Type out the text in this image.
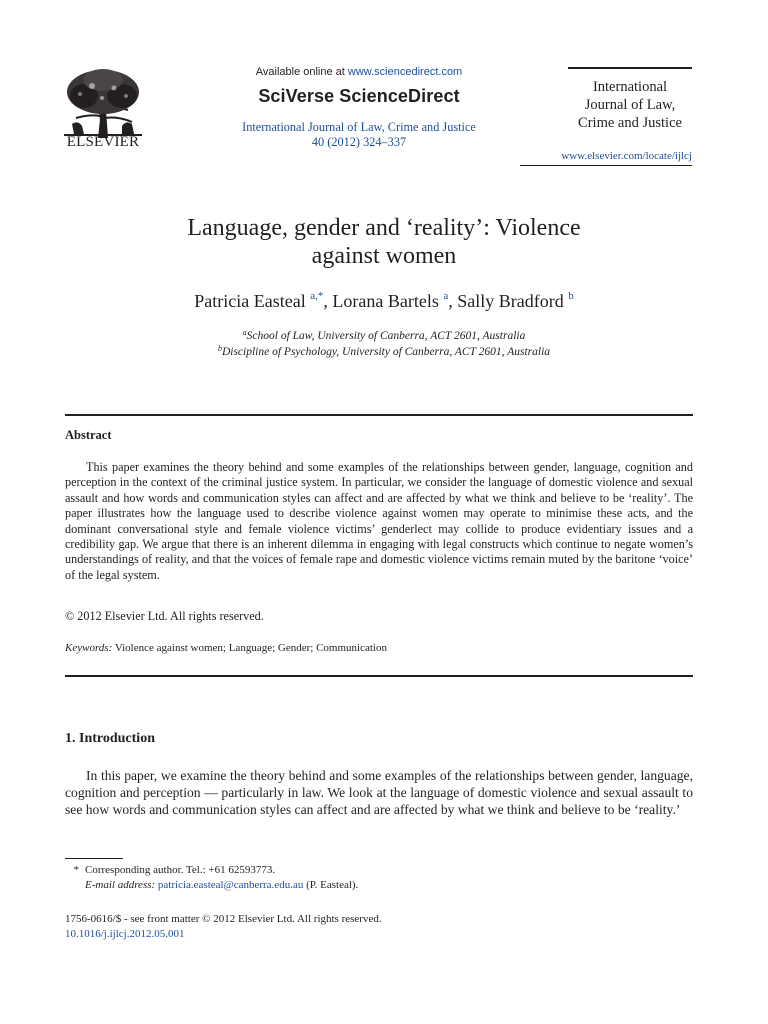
ELSEVIER
Available online at www.sciencedirect.com
SciVerse ScienceDirect
International Journal of Law, Crime and Justice
40 (2012) 324–337
International
Journal of Law,
Crime and Justice
www.elsevier.com/locate/ijlcj
Language, gender and ‘reality’: Violence
against women
Patricia Easteal $^{a,*}$, Lorana Bartels $^a$, Sally Bradford $^b$
$^a$School of Law, University of Canberra, ACT 2601, Australia
$^b$Discipline of Psychology, University of Canberra, ACT 2601, Australia
Abstract
This paper examines the theory behind and some examples of the relationships between gender, language, cognition and perception in the context of the criminal justice system. In particular, we consider the language of domestic violence and sexual assault and how words and communication styles can affect and are affected by what we think and believe to be ‘reality’. The paper illustrates how the language used to describe violence against women may operate to minimise these acts, and the dominant conversational style and female violence victims’ genderlect may collide to produce evidentiary issues and a credibility gap. We argue that there is an inherent dilemma in engaging with legal constructs which continue to negate women’s understandings of reality, and that the voices of female rape and domestic violence victims remain muted by the baritone ‘voice’ of the legal system.
© 2012 Elsevier Ltd. All rights reserved.
Keywords: Violence against women; Language; Gender; Communication
1. Introduction
In this paper, we examine the theory behind and some examples of the relationships between gender, language, cognition and perception — particularly in law. We look at the language of domestic violence and sexual assault to see how words and communication styles can affect and are affected by what we think and believe to be ‘reality.’
* Corresponding author. Tel.: +61 62593773.
E-mail address: patricia.easteal@canberra.edu.au (P. Easteal).
1756-0616/$ - see front matter © 2012 Elsevier Ltd. All rights reserved.
10.1016/j.ijlcj.2012.05.001
